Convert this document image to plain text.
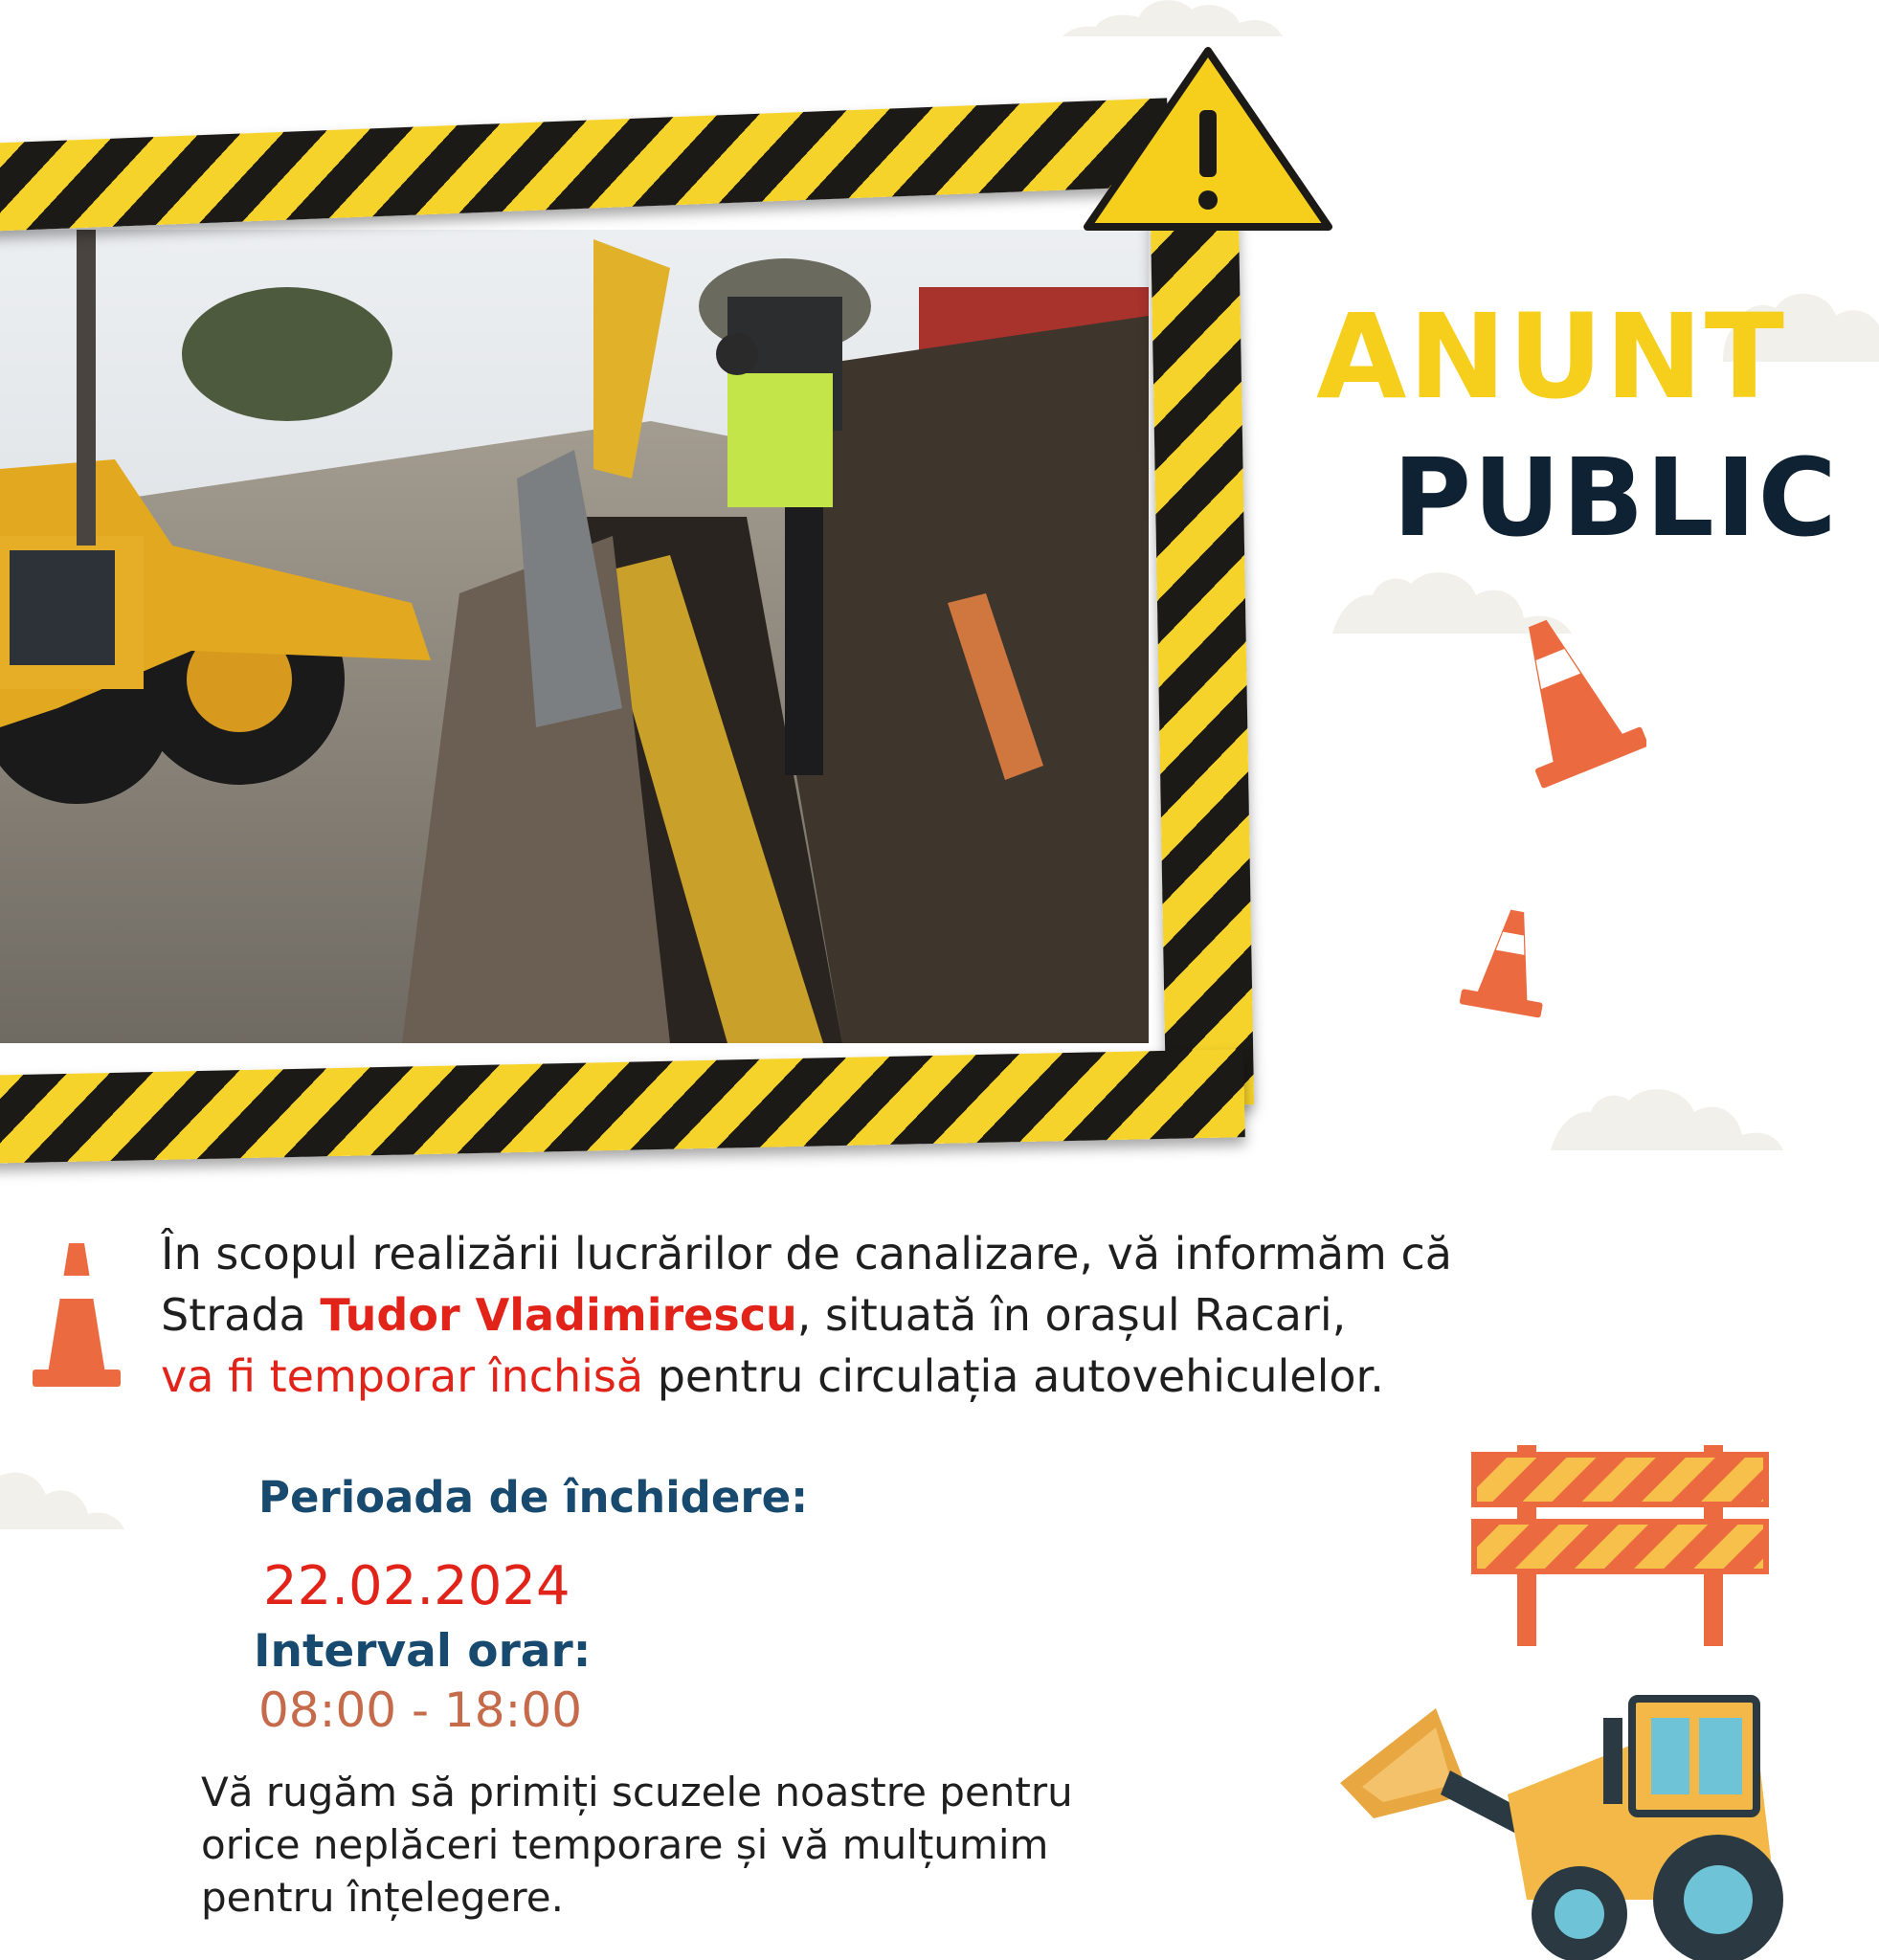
ANUNT
PUBLIC
În scopul realizării lucrărilor de canalizare, vă informăm că
Strada Tudor Vladimirescu, situată în orașul Racari,
va fi temporar închisă pentru circulația autovehiculelor.
Perioada de închidere:
22.02.2024
Interval orar:
08:00 - 18:00
Vă rugăm să primiți scuzele noastre pentru
orice neplăceri temporare și vă mulțumim
pentru înțelegere.
